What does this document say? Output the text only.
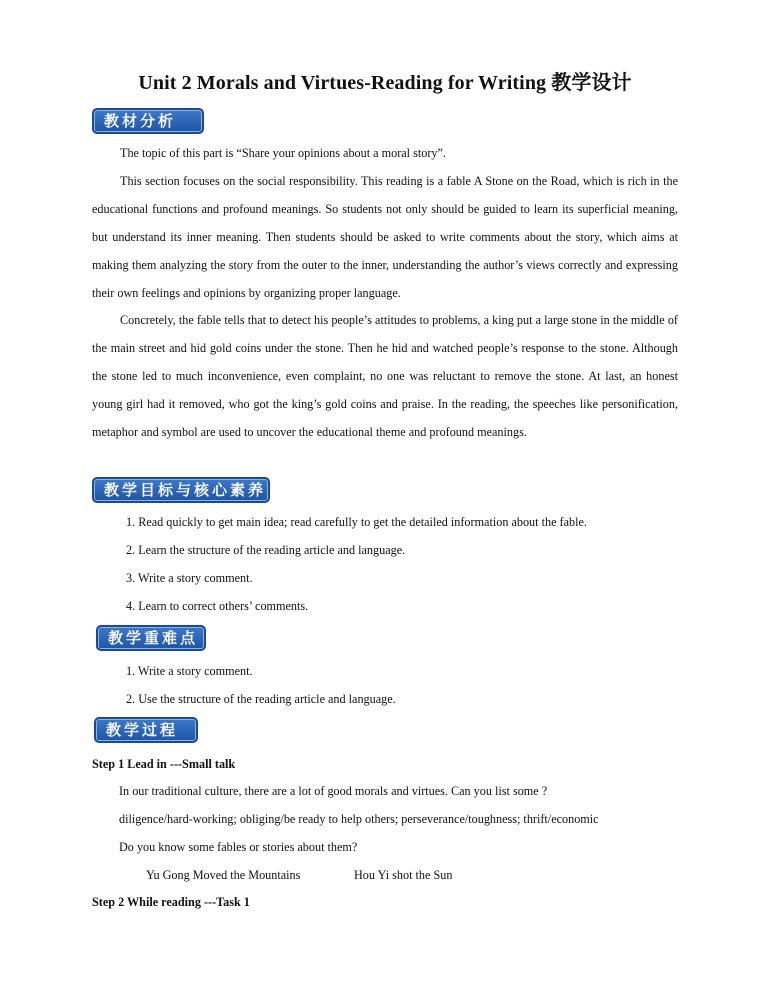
Unit 2 Morals and Virtues-Reading for Writing 教学设计
教材分析
The topic of this part is “Share your opinions about a moral story”.
This section focuses on the social responsibility. This reading is a fable A Stone on the Road, which is rich in the educational functions and profound meanings. So students not only should be guided to learn its superficial meaning, but understand its inner meaning. Then students should be asked to write comments about the story, which aims at making them analyzing the story from the outer to the inner, understanding the author’s views correctly and expressing their own feelings and opinions by organizing proper language.
Concretely, the fable tells that to detect his people’s attitudes to problems, a king put a large stone in the middle of the main street and hid gold coins under the stone. Then he hid and watched people’s response to the stone. Although the stone led to much inconvenience, even complaint, no one was reluctant to remove the stone. At last, an honest young girl had it removed, who got the king’s gold coins and praise. In the reading, the speeches like personification, metaphor and symbol are used to uncover the educational theme and profound meanings.
教学目标与核心素养
1. Read quickly to get main idea; read carefully to get the detailed information about the fable.
2. Learn the structure of the reading article and language.
3. Write a story comment.
4. Learn to correct others’ comments.
教学重难点
1. Write a story comment.
2. Use the structure of the reading article and language.
教学过程
Step 1 Lead in ---Small talk
In our traditional culture, there are a lot of good morals and virtues. Can you list some ?
diligence/hard-working; obliging/be ready to help others; perseverance/toughness; thrift/economic
Do you know some fables or stories about them?
Yu Gong Moved the Mountains	Hou Yi shot the Sun
Step 2 While reading ---Task 1
